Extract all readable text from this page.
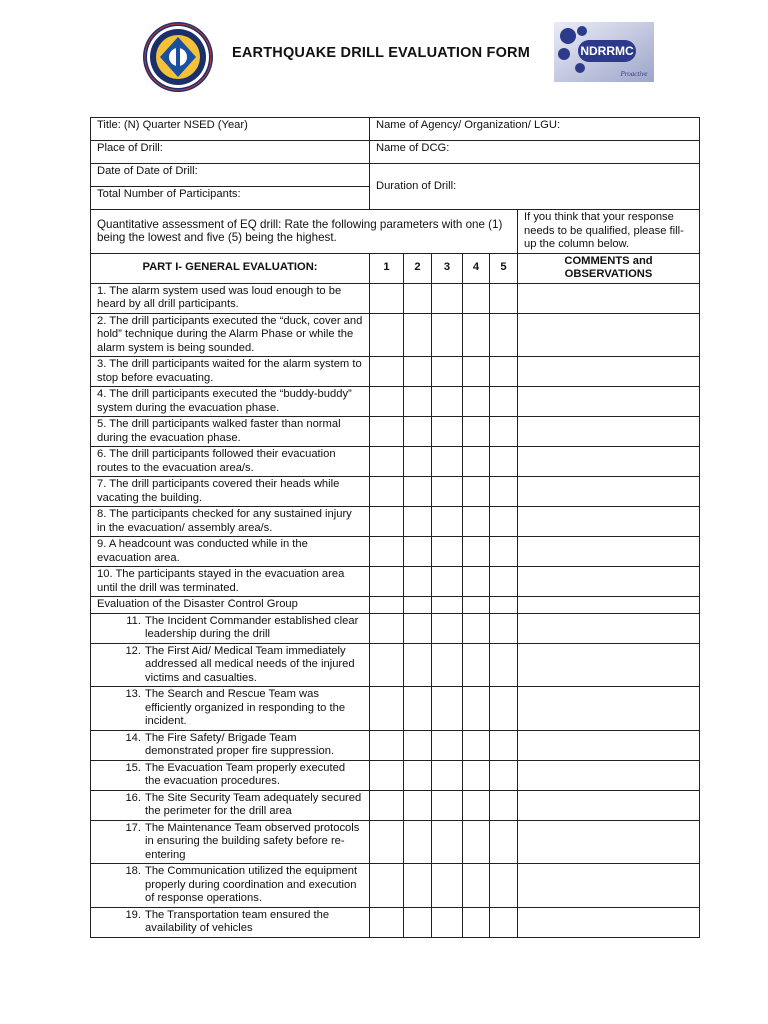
EARTHQUAKE DRILL EVALUATION FORM	NDRRMC
Proactive
Title: (N) Quarter NSED (Year)	Name of Agency/ Organization/ LGU:					
Place of Drill:	Name of DCG:					
Date of Date of Drill:	Duration of Drill:					
Total Number of Participants:						
Quantitative assessment of EQ drill: Rate the following parameters with one (1) being the lowest and five (5) being the highest.						If you think that your response needs to be qualified, please fill-up the column below.
PART I- GENERAL EVALUATION:	1	2	3	4	5	COMMENTS and OBSERVATIONS
1. The alarm system used was loud enough to be heard by all drill participants.						
2. The drill participants executed the “duck, cover and hold” technique during the Alarm Phase or while the alarm system is being sounded.						
3. The drill participants waited for the alarm system to stop before evacuating.						
4. The drill participants executed the “buddy-buddy” system during the evacuation phase.						
5. The drill participants walked faster than normal during the evacuation phase.						
6. The drill participants followed their evacuation routes to the evacuation area/s.						
7. The drill participants covered their heads while vacating the building.						
8. The participants checked for any sustained injury in the evacuation/ assembly area/s.						
9. A headcount was conducted while in the evacuation area.						
10. The participants stayed in the evacuation area until the drill was terminated.						
Evaluation of the Disaster Control Group						

11. The Incident Commander established clear leadership during the drill						

12. The First Aid/ Medical Team immediately addressed all medical needs of the injured victims and casualties.						

13. The Search and Rescue Team was efficiently organized in responding to the incident.						

14. The Fire Safety/ Brigade Team demonstrated proper fire suppression.						

15. The Evacuation Team properly executed the evacuation procedures.						

16. The Site Security Team adequately secured the perimeter for the drill area						

17. The Maintenance Team observed protocols in ensuring the building safety before re-entering						

18. The Communication utilized the equipment properly during coordination and execution of response operations.						

19. The Transportation team ensured the availability of vehicles						
